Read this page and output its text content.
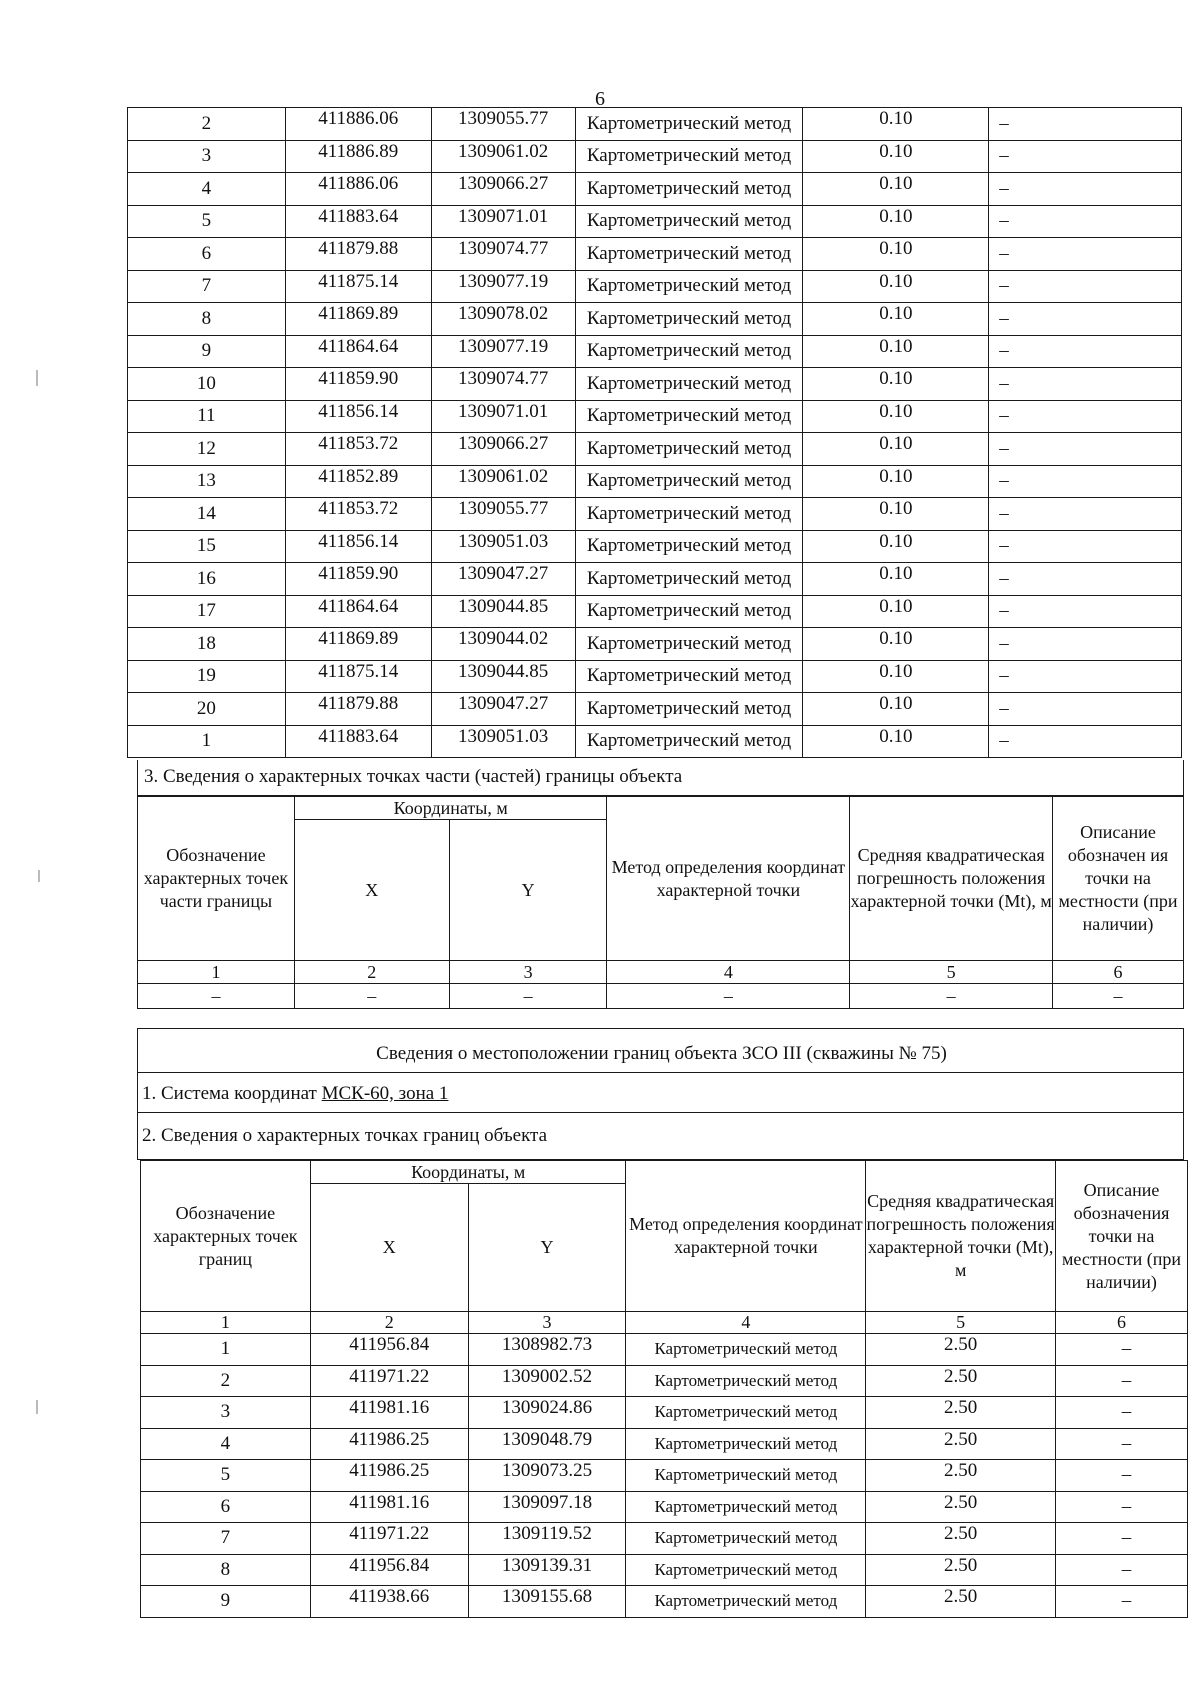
6
2	411886.06	1309055.77	Картометрический метод	0.10	–
3	411886.89	1309061.02	Картометрический метод	0.10	–
4	411886.06	1309066.27	Картометрический метод	0.10	–
5	411883.64	1309071.01	Картометрический метод	0.10	–
6	411879.88	1309074.77	Картометрический метод	0.10	–
7	411875.14	1309077.19	Картометрический метод	0.10	–
8	411869.89	1309078.02	Картометрический метод	0.10	–
9	411864.64	1309077.19	Картометрический метод	0.10	–
10	411859.90	1309074.77	Картометрический метод	0.10	–
11	411856.14	1309071.01	Картометрический метод	0.10	–
12	411853.72	1309066.27	Картометрический метод	0.10	–
13	411852.89	1309061.02	Картометрический метод	0.10	–
14	411853.72	1309055.77	Картометрический метод	0.10	–
15	411856.14	1309051.03	Картометрический метод	0.10	–
16	411859.90	1309047.27	Картометрический метод	0.10	–
17	411864.64	1309044.85	Картометрический метод	0.10	–
18	411869.89	1309044.02	Картометрический метод	0.10	–
19	411875.14	1309044.85	Картометрический метод	0.10	–
20	411879.88	1309047.27	Картометрический метод	0.10	–
1	411883.64	1309051.03	Картометрический метод	0.10	–
3. Сведения о характерных точках части (частей) границы объекта
Обозначение характерных точек части границы	Координаты, м		Метод определения координат характерной точки	Средняя квадратическая погрешность положения характерной точки (Mt), м	Описание обозначен ия точки на местности (при наличии)
	X	Y			
1	2	3	4	5	6
–	–	–	–	–	–
Сведения о местоположении границ объекта ЗСО III (скважины № 75)
1. Система координат МСК-60, зона 1
2. Сведения о характерных точках границ объекта
Обозначение характерных точек границ	Координаты, м		Метод определения координат характерной точки	Средняя квадратическая погрешность положения характерной точки (Mt), м	Описание обозначения точки на местности (при наличии)
	X	Y			
1	2	3	4	5	6
1	411956.84	1308982.73	Картометрический метод	2.50	–
2	411971.22	1309002.52	Картометрический метод	2.50	–
3	411981.16	1309024.86	Картометрический метод	2.50	–
4	411986.25	1309048.79	Картометрический метод	2.50	–
5	411986.25	1309073.25	Картометрический метод	2.50	–
6	411981.16	1309097.18	Картометрический метод	2.50	–
7	411971.22	1309119.52	Картометрический метод	2.50	–
8	411956.84	1309139.31	Картометрический метод	2.50	–
9	411938.66	1309155.68	Картометрический метод	2.50	–
